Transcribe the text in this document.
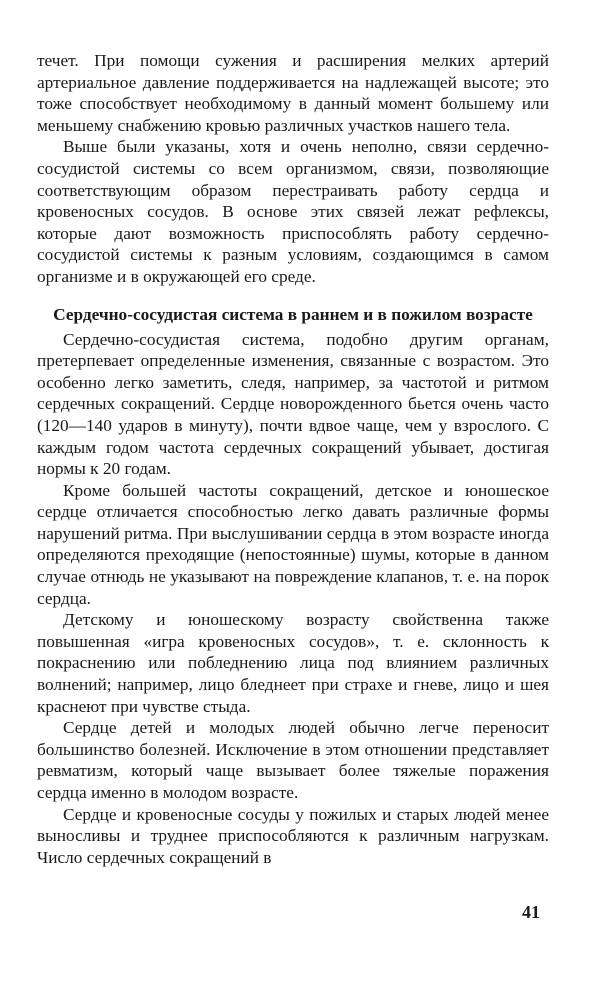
течет. При помощи сужения и расширения мелких артерий артериальное давление поддерживается на надлежащей высоте; это тоже способствует необходимому в данный момент большему или меньшему снабжению кровью различных участков нашего тела.

Выше были указаны, хотя и очень неполно, связи сердечно-сосудистой системы со всем организмом, связи, позволяющие соответствующим образом перестраивать работу сердца и кровеносных сосудов. В основе этих связей лежат рефлексы, которые дают возможность приспособлять работу сердечно-сосудистой системы к разным условиям, создающимся в самом организме и в окружающей его среде.

Сердечно-сосудистая система в раннем и в пожилом возрасте

Сердечно-сосудистая система, подобно другим органам, претерпевает определенные изменения, связанные с возрастом. Это особенно легко заметить, следя, например, за частотой и ритмом сердечных сокращений. Сердце новорожденного бьется очень часто (120—140 ударов в минуту), почти вдвое чаще, чем у взрослого. С каждым годом частота сердечных сокращений убывает, достигая нормы к 20 годам.

Кроме большей частоты сокращений, детское и юношеское сердце отличается способностью легко давать различные формы нарушений ритма. При выслушивании сердца в этом возрасте иногда определяются преходящие (непостоянные) шумы, которые в данном случае отнюдь не указывают на повреждение клапанов, т. е. на порок сердца.

Детскому и юношескому возрасту свойственна также повышенная «игра кровеносных сосудов», т. е. склонность к покраснению или побледнению лица под влиянием различных волнений; например, лицо бледнеет при страхе и гневе, лицо и шея краснеют при чувстве стыда.

Сердце детей и молодых людей обычно легче переносит большинство болезней. Исключение в этом отношении представляет ревматизм, который чаще вызывает более тяжелые поражения сердца именно в молодом возрасте.

Сердце и кровеносные сосуды у пожилых и старых людей менее выносливы и труднее приспособляются к различным нагрузкам. Число сердечных сокращений в

41
